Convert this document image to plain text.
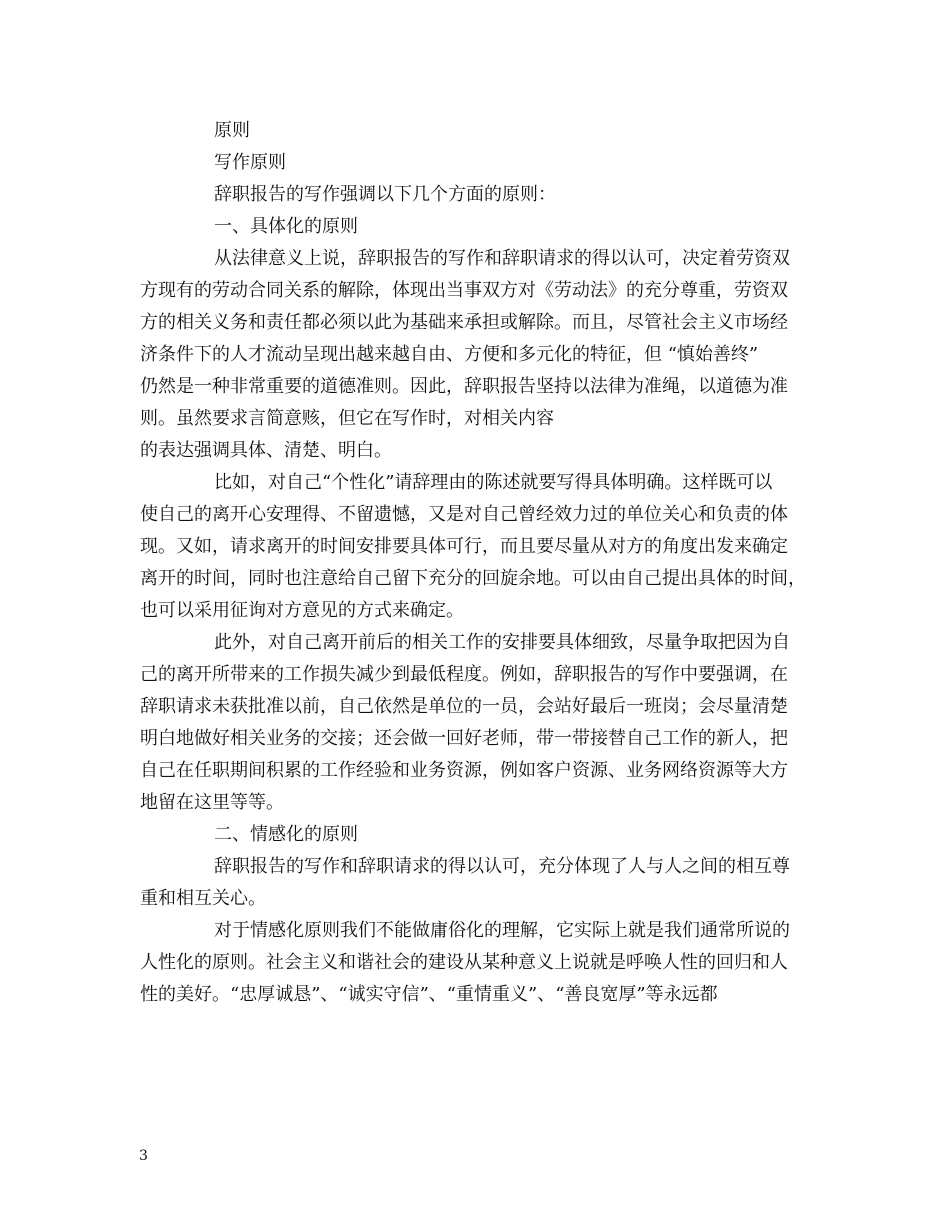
原则

写作原则

辞职报告的写作强调以下几个方面的原则：

一、具体化的原则

从法律意义上说，辞职报告的写作和辞职请求的得以认可，决定着劳资双

方现有的劳动合同关系的解除，体现出当事双方对《劳动法》的充分尊重，劳资双

方的相关义务和责任都必须以此为基础来承担或解除。而且，尽管社会主义市场经

济条件下的人才流动呈现出越来越自由、方便和多元化的特征，但 “慎始善终”

仍然是一种非常重要的道德准则。因此，辞职报告坚持以法律为准绳，以道德为准

则。虽然要求言简意赅，但它在写作时，对相关内容

的表达强调具体、清楚、明白。

比如，对自己“个性化”请辞理由的陈述就要写得具体明确。这样既可以

使自己的离开心安理得、不留遗憾，又是对自己曾经效力过的单位关心和负责的体

现。又如，请求离开的时间安排要具体可行，而且要尽量从对方的角度出发来确定

离开的时间，同时也注意给自己留下充分的回旋余地。可以由自己提出具体的时间，

也可以采用征询对方意见的方式来确定。

此外，对自己离开前后的相关工作的安排要具体细致，尽量争取把因为自

己的离开所带来的工作损失减少到最低程度。例如，辞职报告的写作中要强调，在

辞职请求未获批准以前，自己依然是单位的一员，会站好最后一班岗；会尽量清楚

明白地做好相关业务的交接；还会做一回好老师，带一带接替自己工作的新人，把

自己在任职期间积累的工作经验和业务资源，例如客户资源、业务网络资源等大方

地留在这里等等。

二、情感化的原则

辞职报告的写作和辞职请求的得以认可，充分体现了人与人之间的相互尊

重和相互关心。

对于情感化原则我们不能做庸俗化的理解，它实际上就是我们通常所说的

人性化的原则。社会主义和谐社会的建设从某种意义上说就是呼唤人性的回归和人

性的美好。“忠厚诚恳”、“诚实守信”、“重情重义”、“善良宽厚”等永远都

3
